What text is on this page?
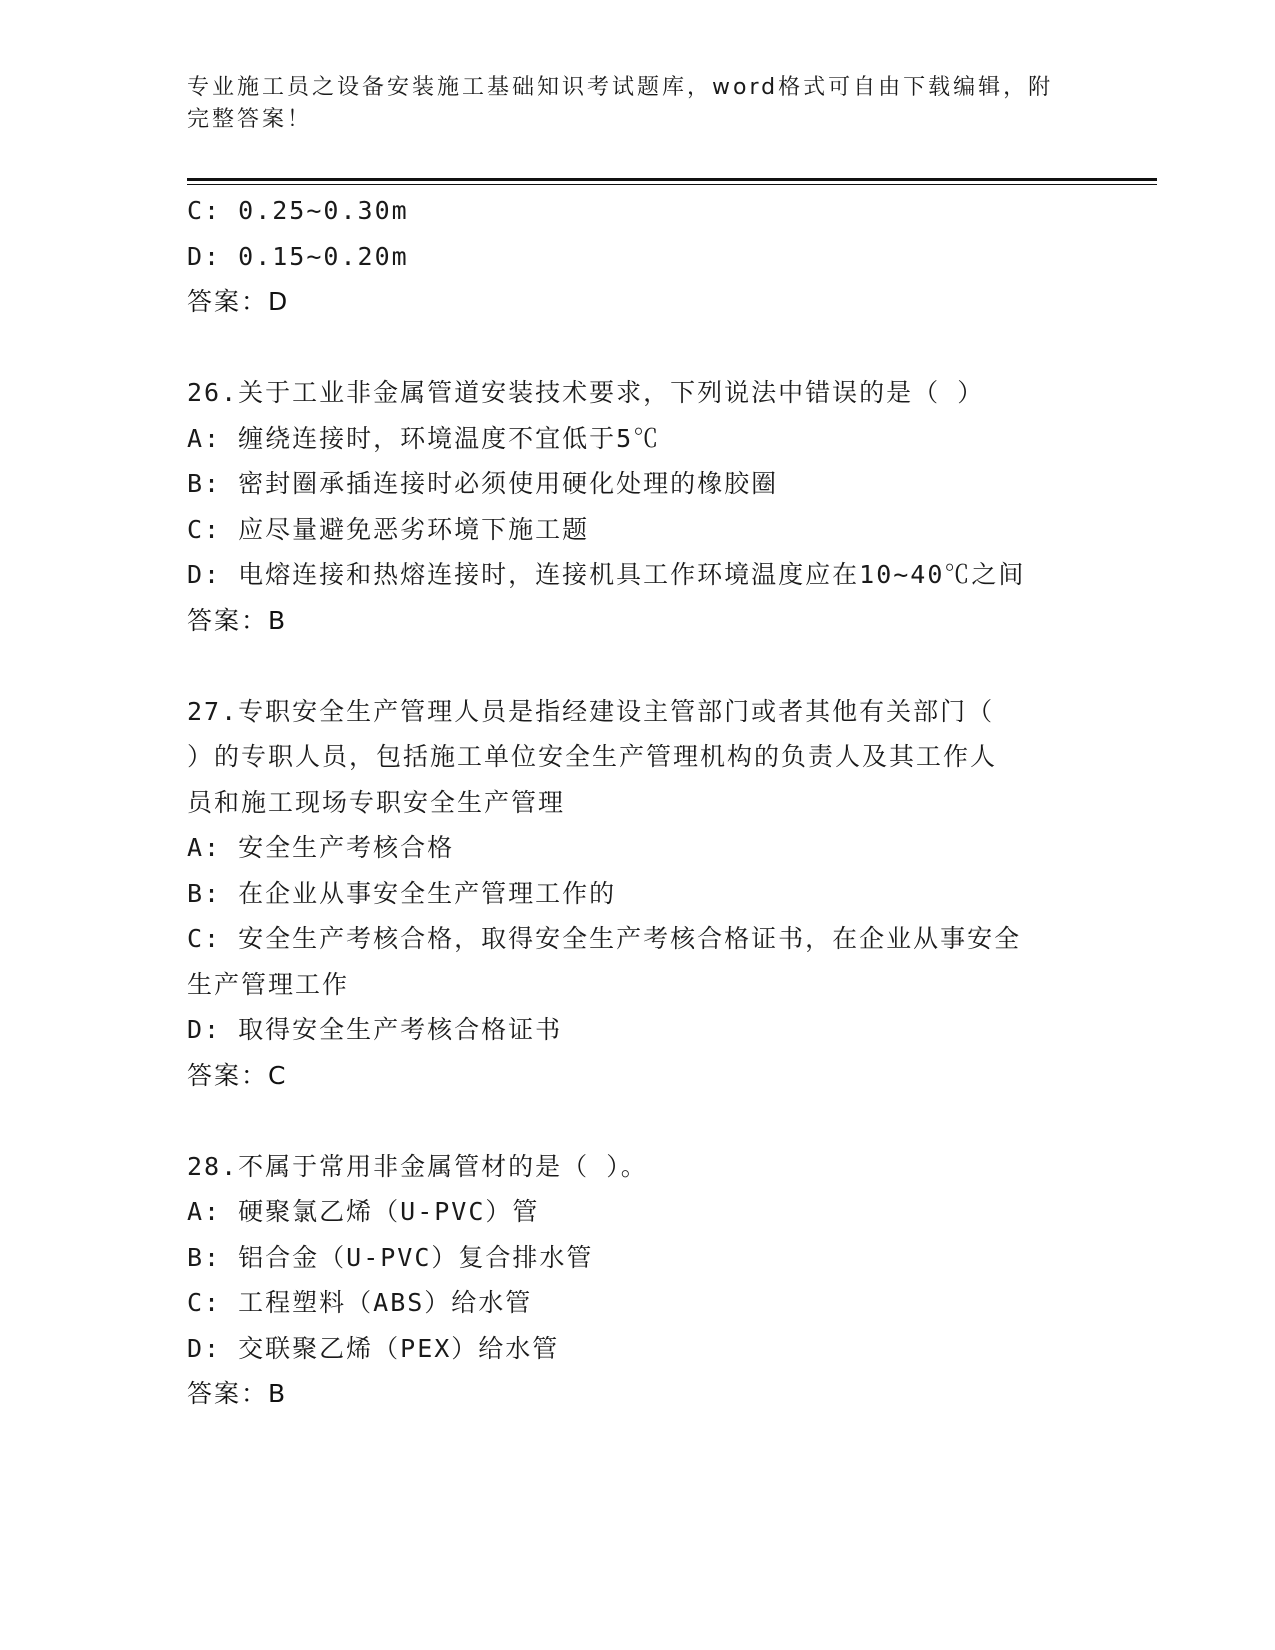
专业施工员之设备安装施工基础知识考试题库，word格式可自由下载编辑，附完整答案！
C: 0.25~0.30m
D: 0.15~0.20m
答案：D
26.关于工业非金属管道安装技术要求，下列说法中错误的是（ ）
A: 缠绕连接时，环境温度不宜低于5℃
B: 密封圈承插连接时必须使用硬化处理的橡胶圈
C: 应尽量避免恶劣环境下施工题
D: 电熔连接和热熔连接时，连接机具工作环境温度应在10~40℃之间
答案：B
27.专职安全生产管理人员是指经建设主管部门或者其他有关部门（
）的专职人员，包括施工单位安全生产管理机构的负责人及其工作人
员和施工现场专职安全生产管理
A: 安全生产考核合格
B: 在企业从事安全生产管理工作的
C: 安全生产考核合格，取得安全生产考核合格证书，在企业从事安全
生产管理工作
D: 取得安全生产考核合格证书
答案：C
28.不属于常用非金属管材的是（ ）。
A: 硬聚氯乙烯（U-PVC）管
B: 铝合金（U-PVC）复合排水管
C: 工程塑料（ABS）给水管
D: 交联聚乙烯（PEX）给水管
答案：B
